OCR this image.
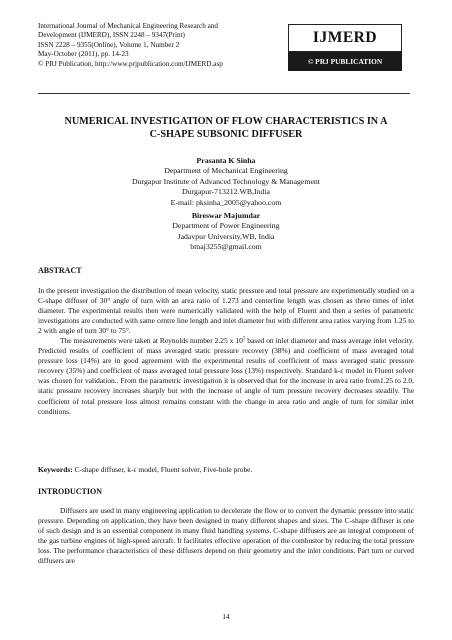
International Journal of Mechanical Engineering Research and
Development (IJMERD), ISSN 2248 – 9347(Print)
ISSN 2228 – 9355(Online), Volume 1, Number 2
May-October (2011), pp. 14-23
© PRJ Publication, http://www.prjpublication.com/IJMERD.asp
IJMERD
© PRJ PUBLICATION
NUMERICAL INVESTIGATION OF FLOW CHARACTERISTICS IN A
C-SHAPE SUBSONIC DIFFUSER
Prasanta K Sinha
Department of Mechanical Engineering
Durgapur Institute of Advanced Technology & Management
Durgapur-713212.WB,India
E-mail: pksinha_2005@yahoo.com
Bireswar Majumdar
Department of Power Engineering
Jadavpur University,WB, India
bmaj3255@gmail.com
ABSTRACT

In the present investigation the distribution of mean velocity, static pressure and total pressure are experimentally studied on a C-shape diffuser of 30° angle of turn with an area ratio of 1.273 and centerline length was chosen as three times of inlet diameter. The experimental results then were numerically validated with the help of Fluent and then a series of parametric investigations are conducted with same centre line length and inlet diameter but with different area ratios varying from 1.25 to 2 with angle of turn 30° to 75°.

The measurements were taken at Reynolds number 2.25 x $10^5$ based on inlet diameter and mass average inlet velocity. Predicted results of coefficient of mass averaged static pressure recovery (38%) and coefficient of mass averaged total pressure loss (14%) are in good agreement with the experimental results of coefficient of mass averaged static pressure recovery (35%) and coefficient of mass averaged total pressure loss (13%) respectively. Standard k-ε model in Fluent solver was chosen for validation.. From the parametric investigation it is observed that for the increase in area ratio from1.25 to 2.0, static pressure recovery increases sharply but with the increase of angle of turn pressure recovery decreases steadily. The coefficient of total pressure loss almost remains constant with the change in area ratio and angle of turn for similar inlet conditions.

Keywords: C-shape diffuser, k-ε model, Fluent solver, Five-hole probe.
INTRODUCTION

Diffusers are used in many engineering application to decelerate the flow or to convert the dynamic pressure into static pressure. Depending on application, they have been designed in many different shapes and sizes. The C-shape diffuser is one of such design and is an essential component in many fluid handling systems. C-shape diffusers are an integral component of the gas turbine engines of high-speed aircraft. It facilitates effective operation of the combustor by reducing the total pressure loss. The performance characteristics of these diffusers depend on their geometry and the inlet conditions. Part turn or curved diffusers are

14
